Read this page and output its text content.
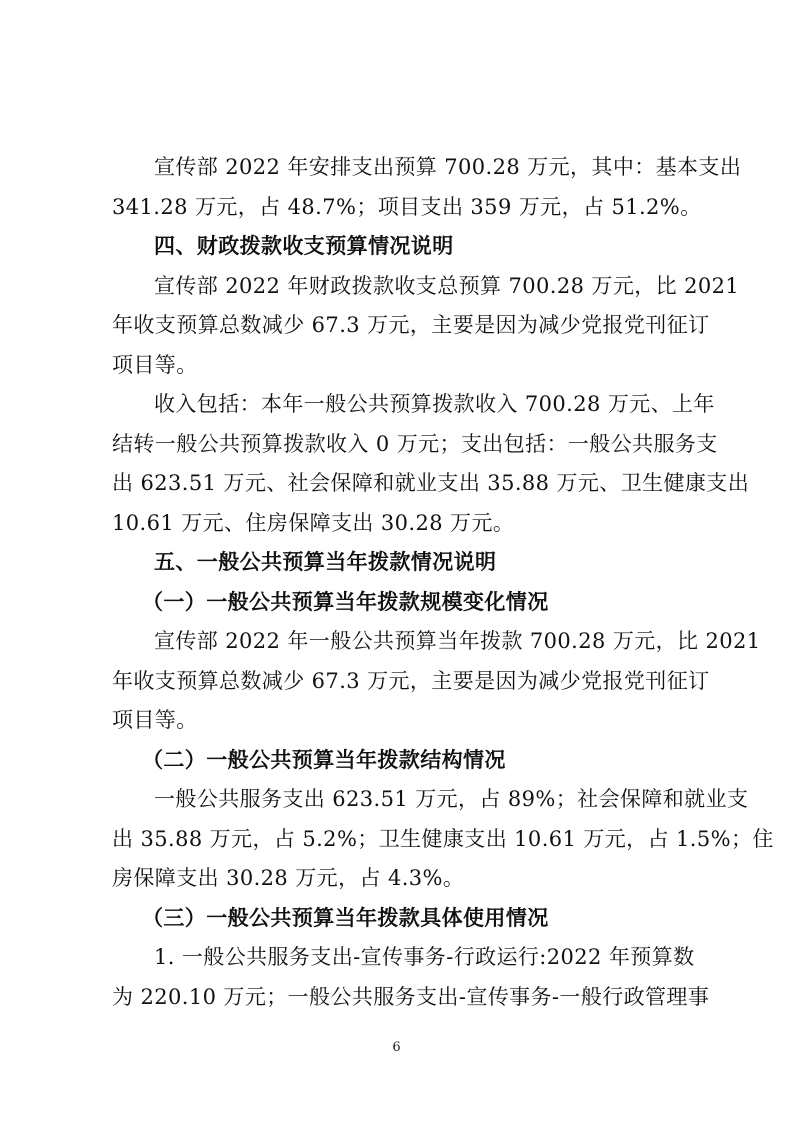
宣传部 2022 年安排支出预算 700.28 万元，其中：基本支出
341.28 万元，占 48.7%；项目支出 359 万元，占 51.2%。
四、财政拨款收支预算情况说明
宣传部 2022 年财政拨款收支总预算 700.28 万元，比 2021
年收支预算总数减少 67.3 万元，主要是因为减少党报党刊征订
项目等。
收入包括：本年一般公共预算拨款收入 700.28 万元、上年
结转一般公共预算拨款收入 0 万元；支出包括：一般公共服务支
出 623.51 万元、社会保障和就业支出 35.88 万元、卫生健康支出
10.61 万元、住房保障支出 30.28 万元。
五、一般公共预算当年拨款情况说明
（一）一般公共预算当年拨款规模变化情况
宣传部 2022 年一般公共预算当年拨款 700.28 万元，比 2021
年收支预算总数减少 67.3 万元，主要是因为减少党报党刊征订
项目等。
（二）一般公共预算当年拨款结构情况
一般公共服务支出 623.51 万元，占 89%；社会保障和就业支
出 35.88 万元，占 5.2%；卫生健康支出 10.61 万元，占 1.5%；住
房保障支出 30.28 万元，占 4.3%。
（三）一般公共预算当年拨款具体使用情况
1. 一般公共服务支出-宣传事务-行政运行:2022 年预算数
为 220.10 万元；一般公共服务支出-宣传事务-一般行政管理事
6
